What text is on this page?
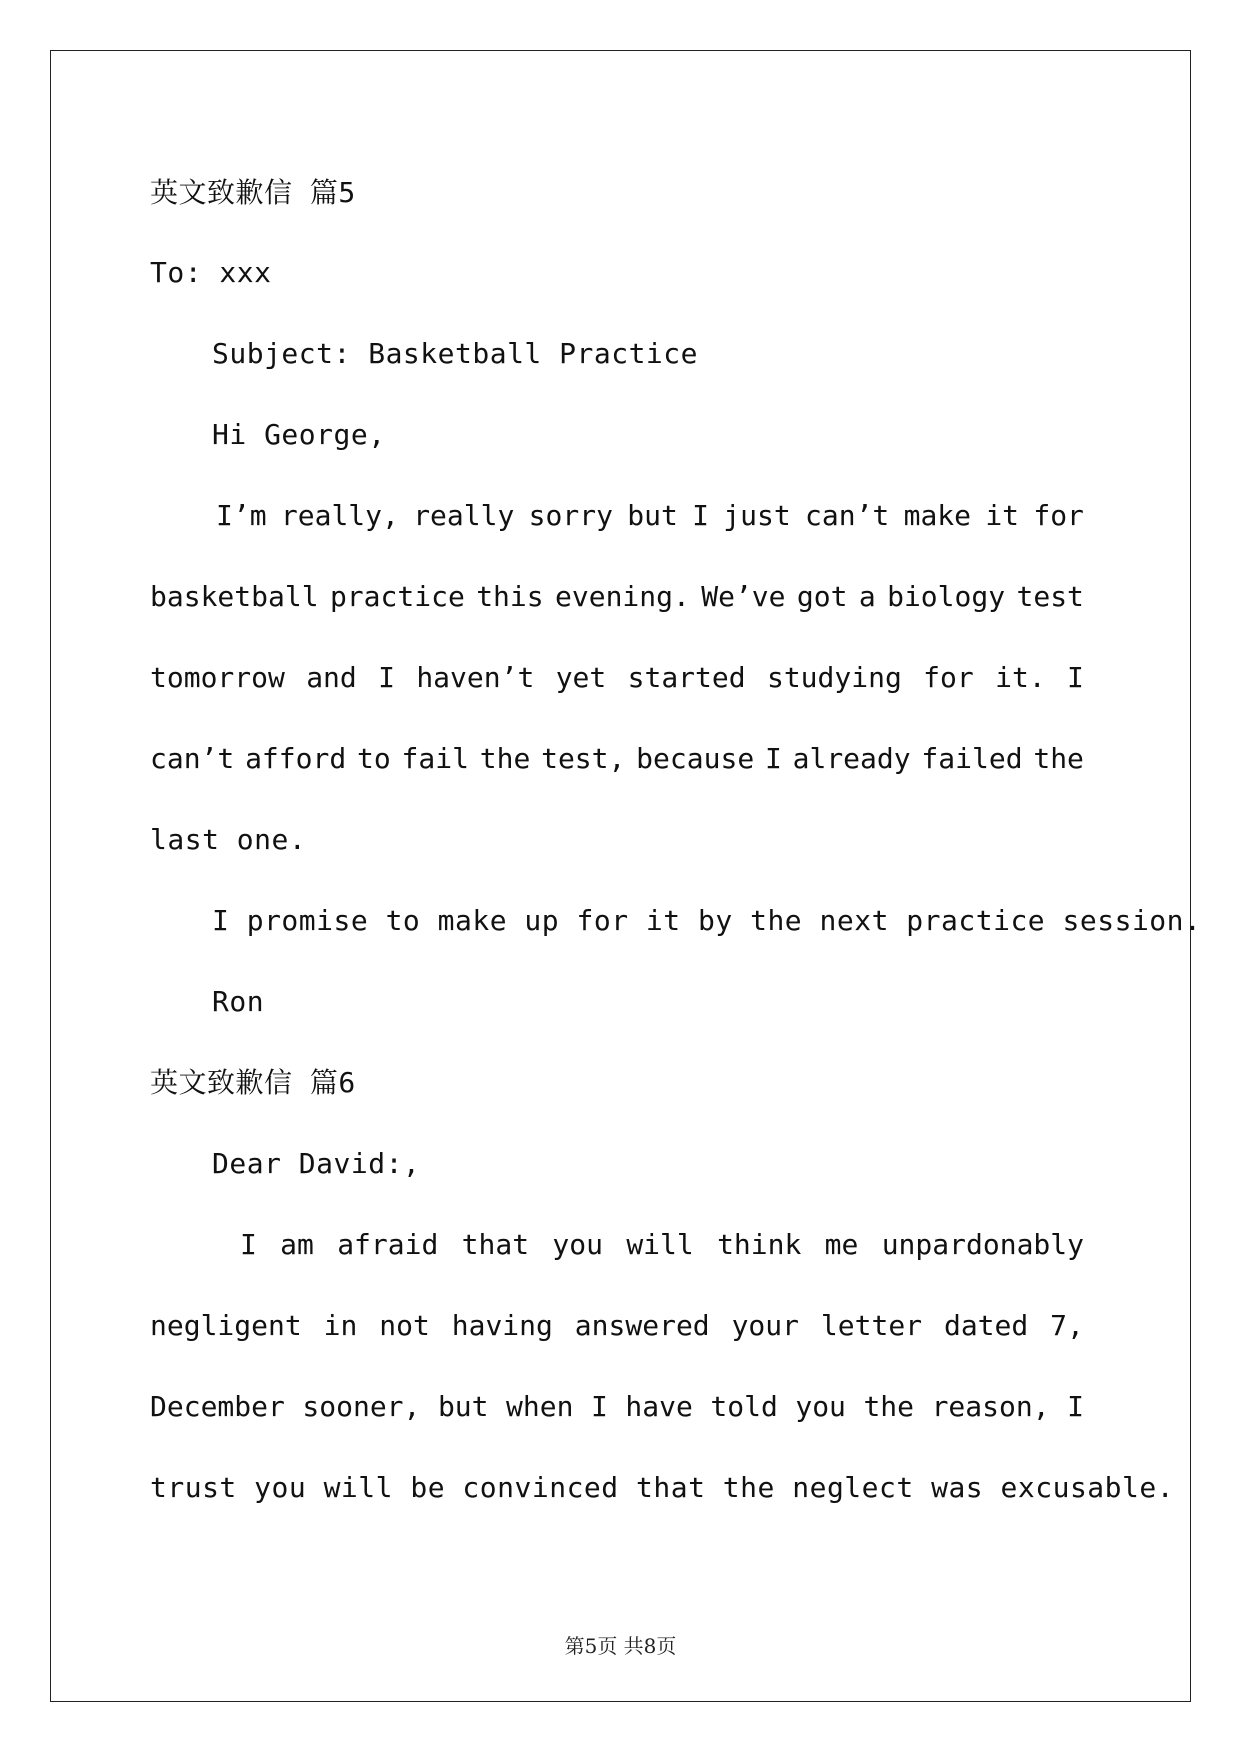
英文致歉信 篇5
To: xxx
Subject: Basketball Practice
Hi George,
I’m really, really sorry but I just can’t make it for
basketball practice this evening. We’ve got a biology test
tomorrow and I haven’t yet started studying for it. I
can’t afford to fail the test, because I already failed the
last one.
I promise to make up for it by the next practice session.
Ron
英文致歉信 篇6
Dear David:,
I am afraid that you will think me unpardonably
negligent in not having answered your letter dated 7,
December sooner, but when I have told you the reason, I
trust you will be convinced that the neglect was excusable.
第5页 共8页
